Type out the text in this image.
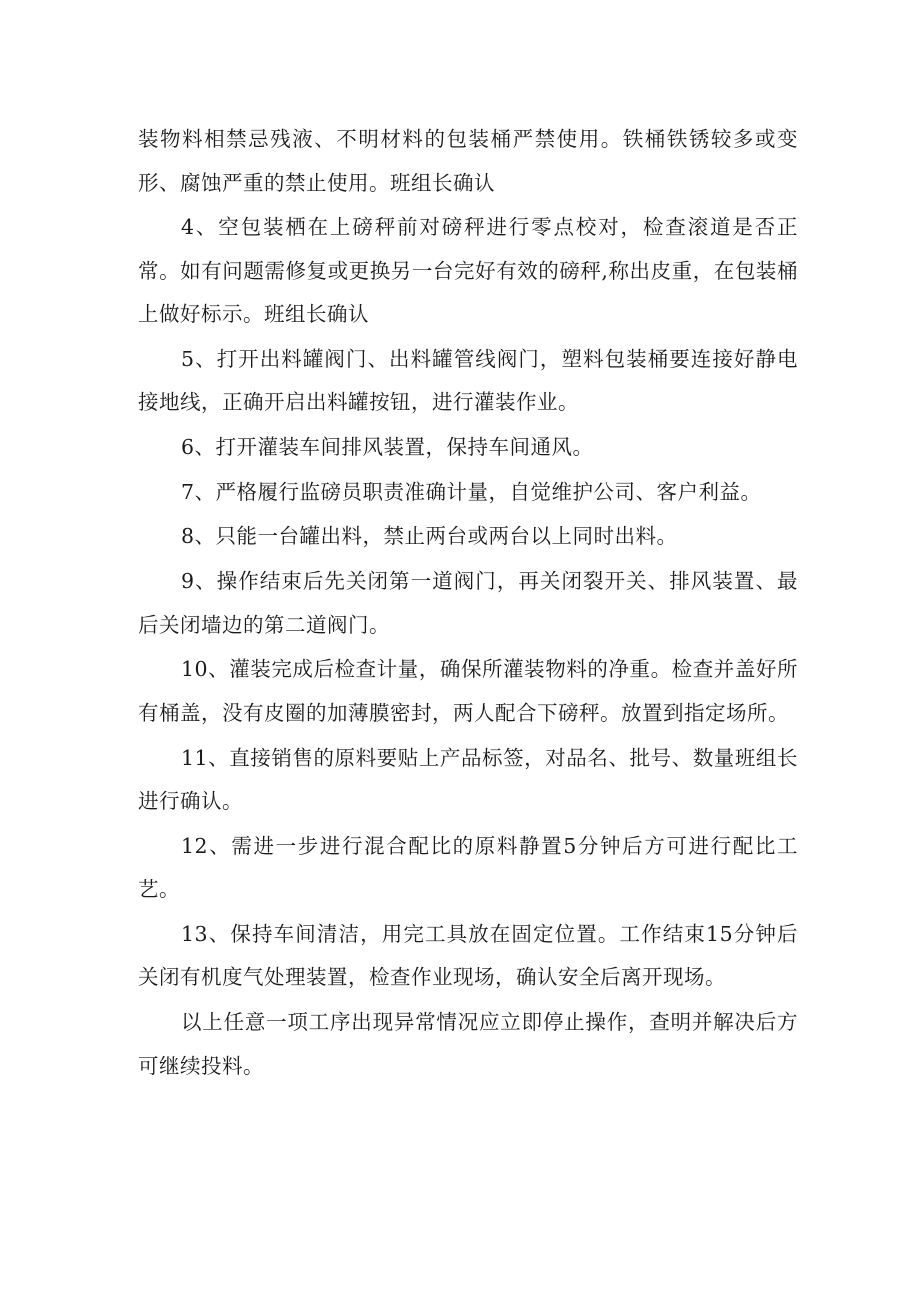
装物料相禁忌残液、不明材料的包装桶严禁使用。铁桶铁锈较多或变形、腐蚀严重的禁止使用。班组长确认

4、空包装栖在上磅秤前对磅秤进行零点校对，检查滚道是否正常。如有问题需修复或更换另一台完好有效的磅秤,称出皮重，在包装桶上做好标示。班组长确认

5、打开出料罐阀门、出料罐管线阀门，塑料包装桶要连接好静电接地线，正确开启出料罐按钮，进行灌装作业。

6、打开灌装车间排风装置，保持车间通风。

7、严格履行监磅员职责准确计量，自觉维护公司、客户利益。

8、只能一台罐出料，禁止两台或两台以上同时出料。

9、操作结束后先关闭第一道阀门，再关闭裂开关、排风装置、最后关闭墙边的第二道阀门。

10、灌装完成后检查计量，确保所灌装物料的净重。检查并盖好所有桶盖，没有皮圈的加薄膜密封，两人配合下磅秤。放置到指定场所。

11、直接销售的原料要贴上产品标签，对品名、批号、数量班组长进行确认。

12、需进一步进行混合配比的原料静置5分钟后方可进行配比工艺。

13、保持车间清洁，用完工具放在固定位置。工作结束15分钟后关闭有机度气处理装置，检查作业现场，确认安全后离开现场。

以上任意一项工序出现异常情况应立即停止操作，查明并解决后方可继续投料。
